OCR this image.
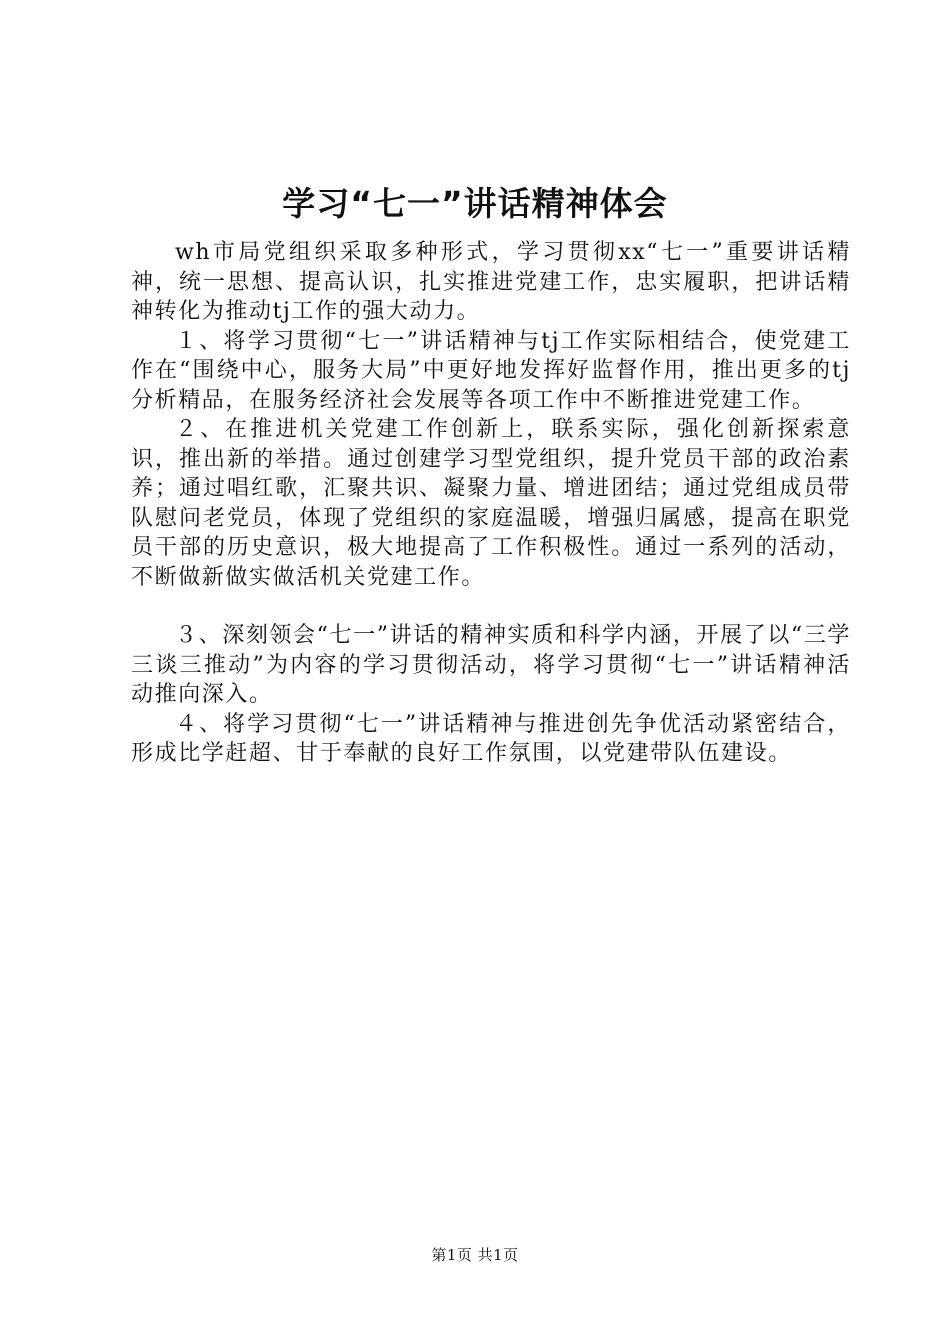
学习“七一”讲话精神体会

wh市局党组织采取多种形式，学习贯彻xx“七一”重要讲话精神，统一思想、提高认识，扎实推进党建工作，忠实履职，把讲话精神转化为推动tj工作的强大动力。

１、将学习贯彻“七一”讲话精神与tj工作实际相结合，使党建工作在“围绕中心，服务大局”中更好地发挥好监督作用，推出更多的tj分析精品，在服务经济社会发展等各项工作中不断推进党建工作。

２、在推进机关党建工作创新上，联系实际，强化创新探索意识，推出新的举措。通过创建学习型党组织，提升党员干部的政治素养；通过唱红歌，汇聚共识、凝聚力量、增进团结；通过党组成员带队慰问老党员，体现了党组织的家庭温暖，增强归属感，提高在职党员干部的历史意识，极大地提高了工作积极性。通过一系列的活动，不断做新做实做活机关党建工作。

３、深刻领会“七一”讲话的精神实质和科学内涵，开展了以“三学三谈三推动”为内容的学习贯彻活动，将学习贯彻“七一”讲话精神活动推向深入。

４、将学习贯彻“七一”讲话精神与推进创先争优活动紧密结合，形成比学赶超、甘于奉献的良好工作氛围，以党建带队伍建设。

第1页 共1页
